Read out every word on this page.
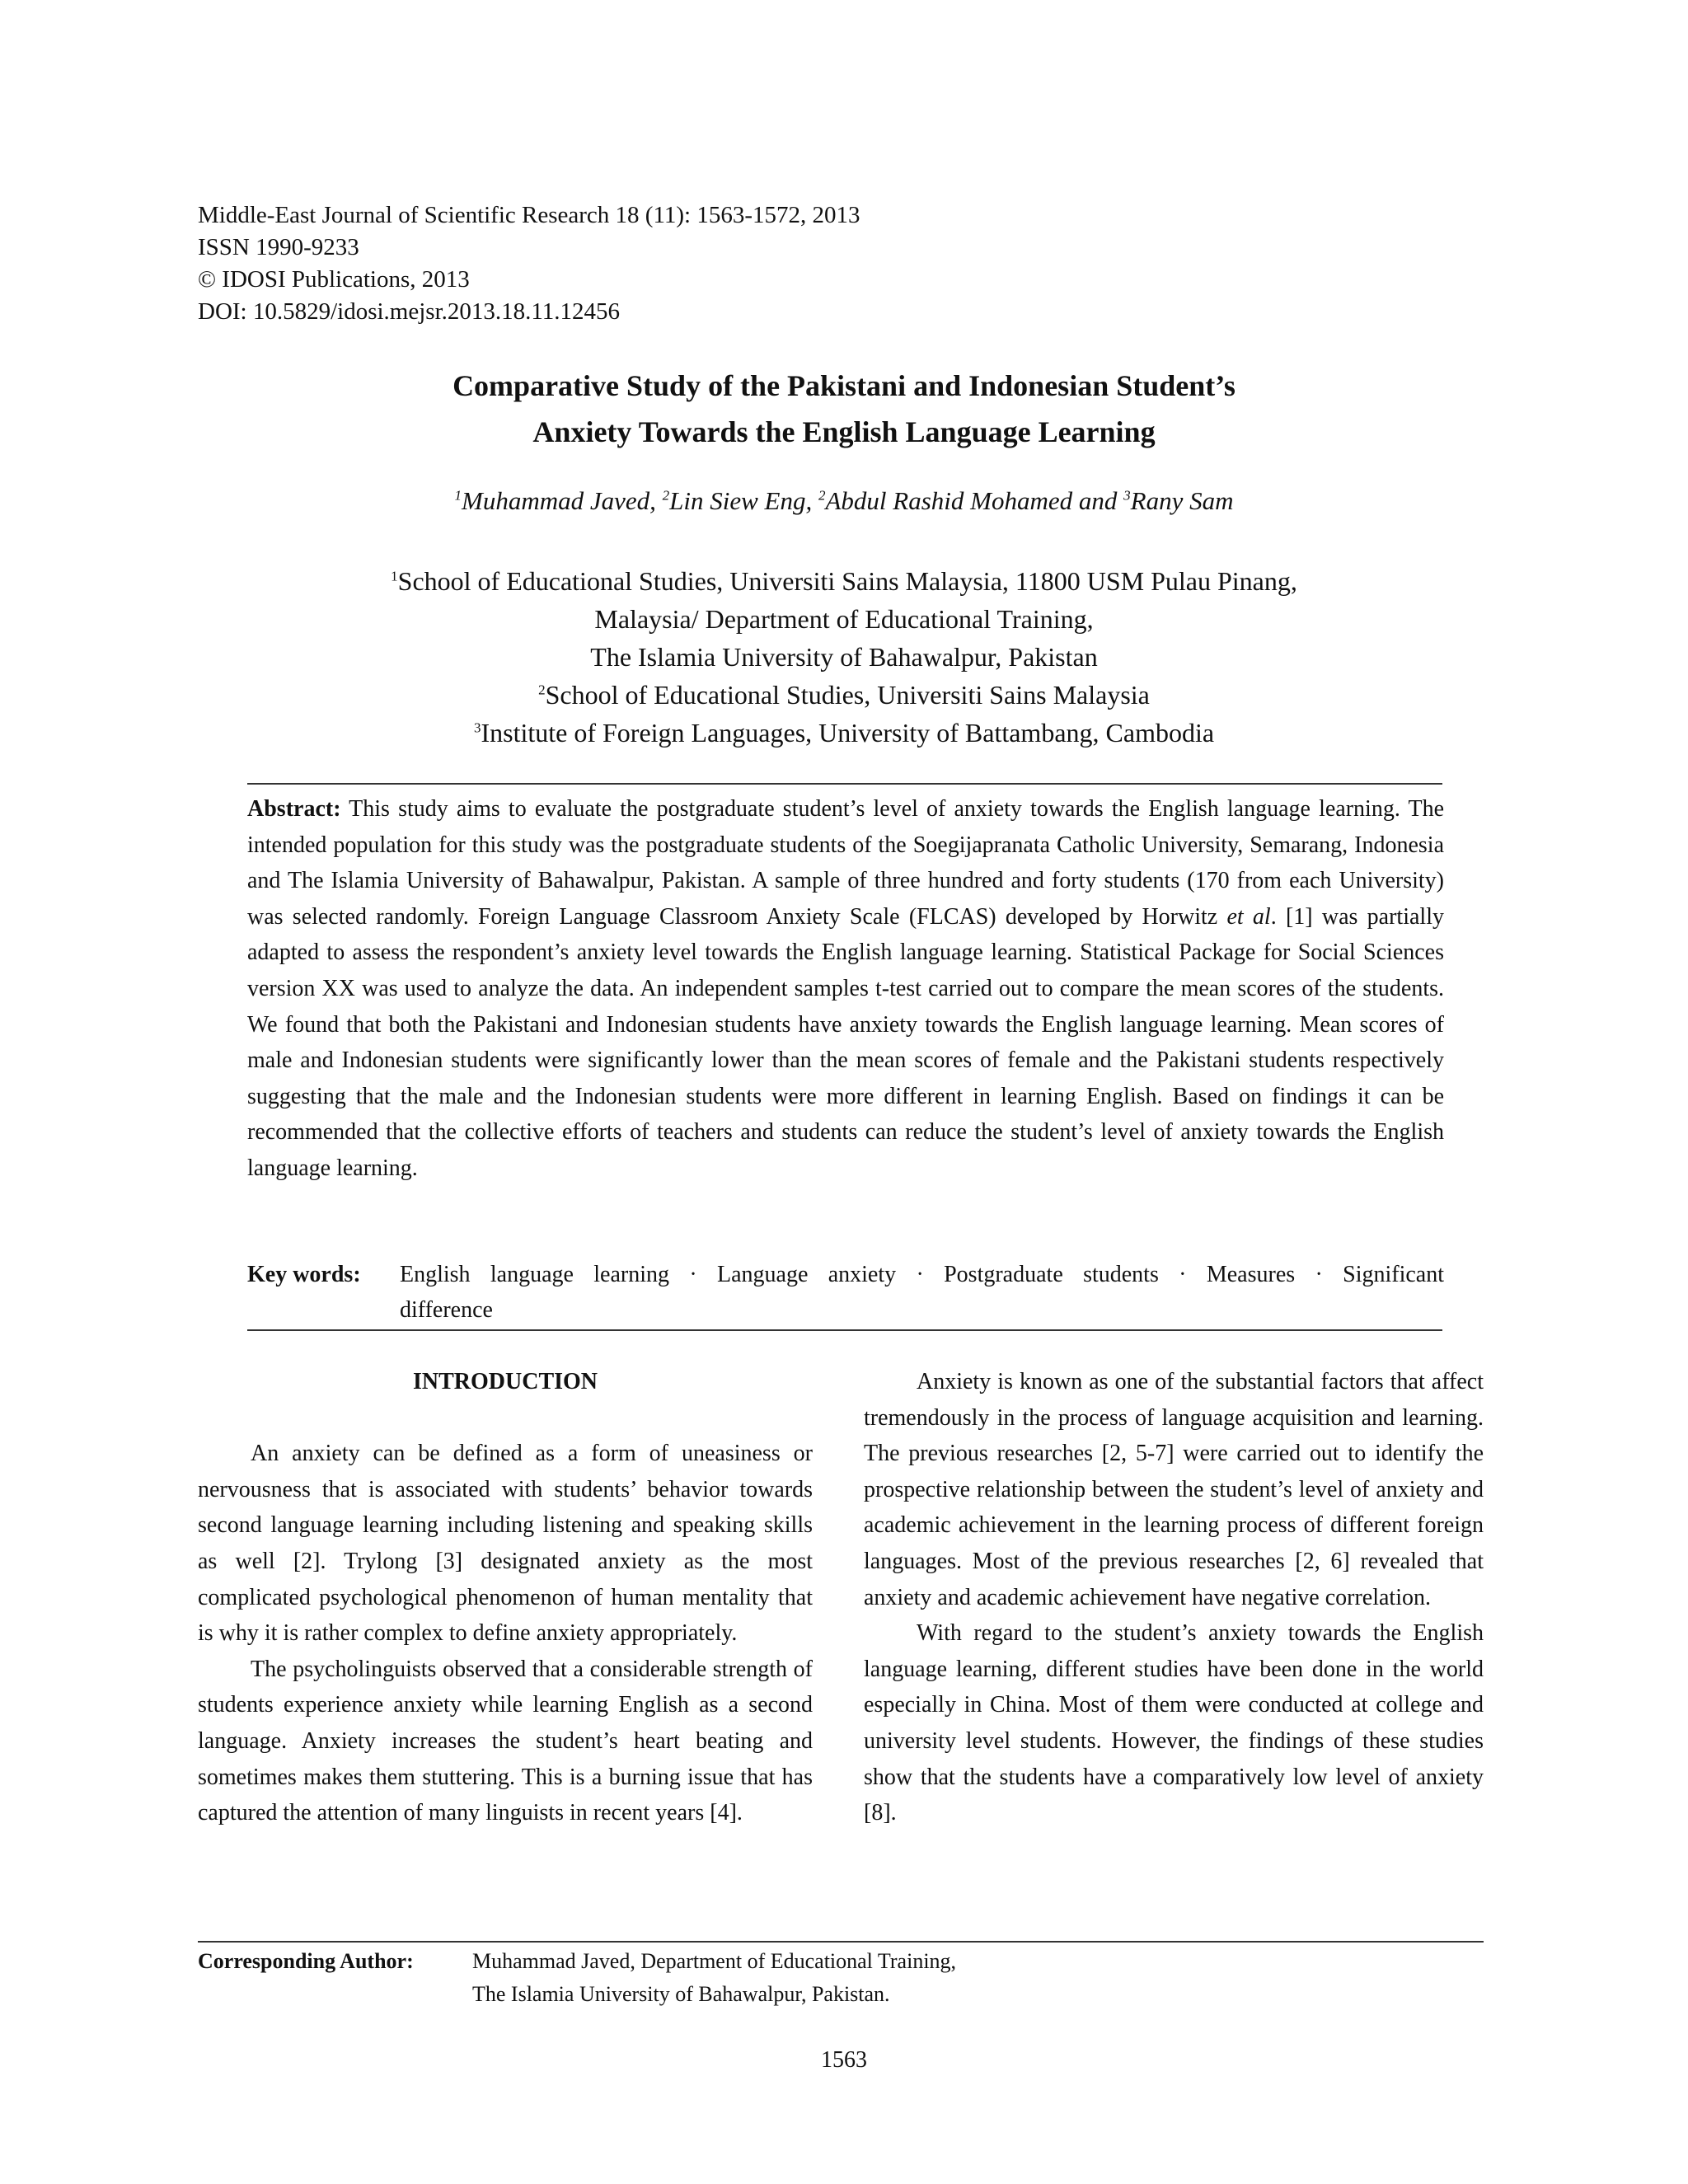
Middle-East Journal of Scientific Research 18 (11): 1563-1572, 2013
ISSN 1990-9233
© IDOSI Publications, 2013
DOI: 10.5829/idosi.mejsr.2013.18.11.12456
Comparative Study of the Pakistani and Indonesian Student’s
Anxiety Towards the English Language Learning
$^1$Muhammad Javed, $^2$Lin Siew Eng, $^2$Abdul Rashid Mohamed and $^3$Rany Sam
$^1$School of Educational Studies, Universiti Sains Malaysia, 11800 USM Pulau Pinang,
Malaysia/ Department of Educational Training,
The Islamia University of Bahawalpur, Pakistan
$^2$School of Educational Studies, Universiti Sains Malaysia
$^3$Institute of Foreign Languages, University of Battambang, Cambodia
Abstract: This study aims to evaluate the postgraduate student’s level of anxiety towards the English language learning. The intended population for this study was the postgraduate students of the Soegijapranata Catholic University, Semarang, Indonesia and The Islamia University of Bahawalpur, Pakistan. A sample of three hundred and forty students (170 from each University) was selected randomly. Foreign Language Classroom Anxiety Scale (FLCAS) developed by Horwitz et al. [1] was partially adapted to assess the respondent’s anxiety level towards the English language learning. Statistical Package for Social Sciences version XX was used to analyze the data. An independent samples t-test carried out to compare the mean scores of the students. We found that both the Pakistani and Indonesian students have anxiety towards the English language learning. Mean scores of male and Indonesian students were significantly lower than the mean scores of female and the Pakistani students respectively suggesting that the male and the Indonesian students were more different in learning English. Based on findings it can be recommended that the collective efforts of teachers and students can reduce the student’s level of anxiety towards the English language learning.
Key words: English language learning · Language anxiety · Postgraduate students · Measures · Significant
difference
INTRODUCTION

An anxiety can be defined as a form of uneasiness or nervousness that is associated with students’ behavior towards second language learning including listening and speaking skills as well [2]. Trylong [3] designated anxiety as the most complicated psychological phenomenon of human mentality that is why it is rather complex to define anxiety appropriately.

The psycholinguists observed that a considerable strength of students experience anxiety while learning English as a second language. Anxiety increases the student’s heart beating and sometimes makes them stuttering. This is a burning issue that has captured the attention of many linguists in recent years [4].

Anxiety is known as one of the substantial factors that affect tremendously in the process of language acquisition and learning. The previous researches [2, 5-7] were carried out to identify the prospective relationship between the student’s level of anxiety and academic achievement in the learning process of different foreign languages. Most of the previous researches [2, 6] revealed that anxiety and academic achievement have negative correlation.

With regard to the student’s anxiety towards the English language learning, different studies have been done in the world especially in China. Most of them were conducted at college and university level students. However, the findings of these studies show that the students have a comparatively low level of anxiety [8].

Corresponding Author:	Muhammad Javed, Department of Educational Training,
The Islamia University of Bahawalpur, Pakistan.
1563
